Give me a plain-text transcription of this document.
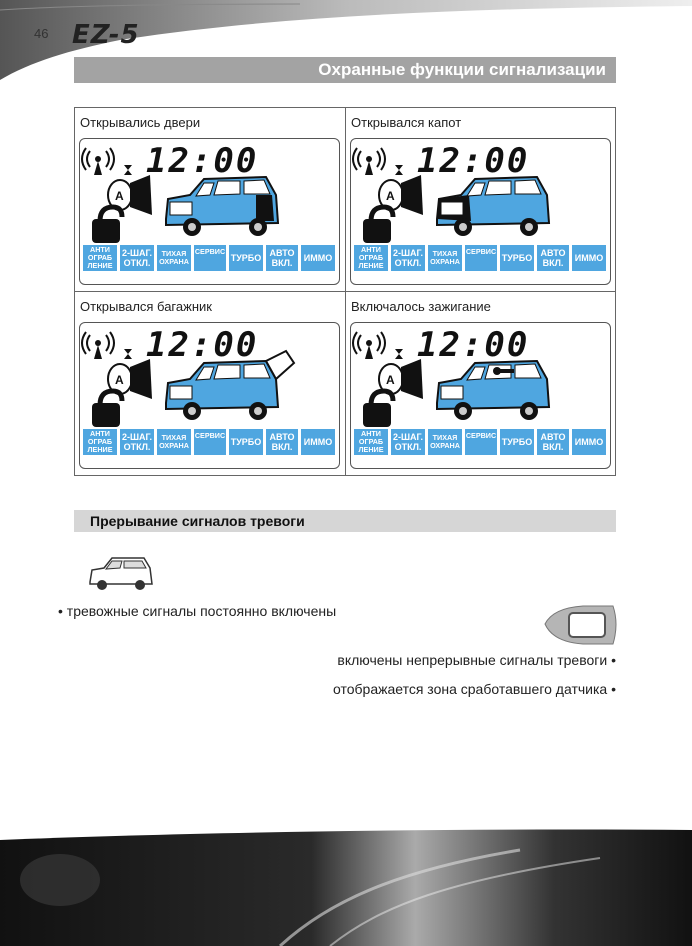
46 EZ-5
Охранные функции сигнализации
Открывались двери
A
12:00
АНТИ ОГРАБ ЛЕНИЕ
2-ШАГ. ОТКЛ.
ТИХАЯ ОХРАНА
СЕРВИС
ТУРБО АВТО ВКЛ.	ИММО
Открывался капот
A
12:00
АНТИ ОГРАБ ЛЕНИЕ
2-ШАГ. ОТКЛ.
ТИХАЯ ОХРАНА
СЕРВИС
ТУРБО АВТО ВКЛ.	ИММО
Открывался багажник
A
12:00
АНТИ ОГРАБ ЛЕНИЕ
2-ШАГ. ОТКЛ.
ТИХАЯ ОХРАНА
СЕРВИС
ТУРБО АВТО ВКЛ.	ИММО
Включалось зажигание
A
12:00
АНТИ ОГРАБ ЛЕНИЕ
2-ШАГ. ОТКЛ.
ТИХАЯ ОХРАНА
СЕРВИС
ТУРБО АВТО ВКЛ.	ИММО
Прерывание сигналов тревоги
• тревожные сигналы постоянно включены
включены непрерывные сигналы тревоги •
отображается зона сработавшего датчика •
